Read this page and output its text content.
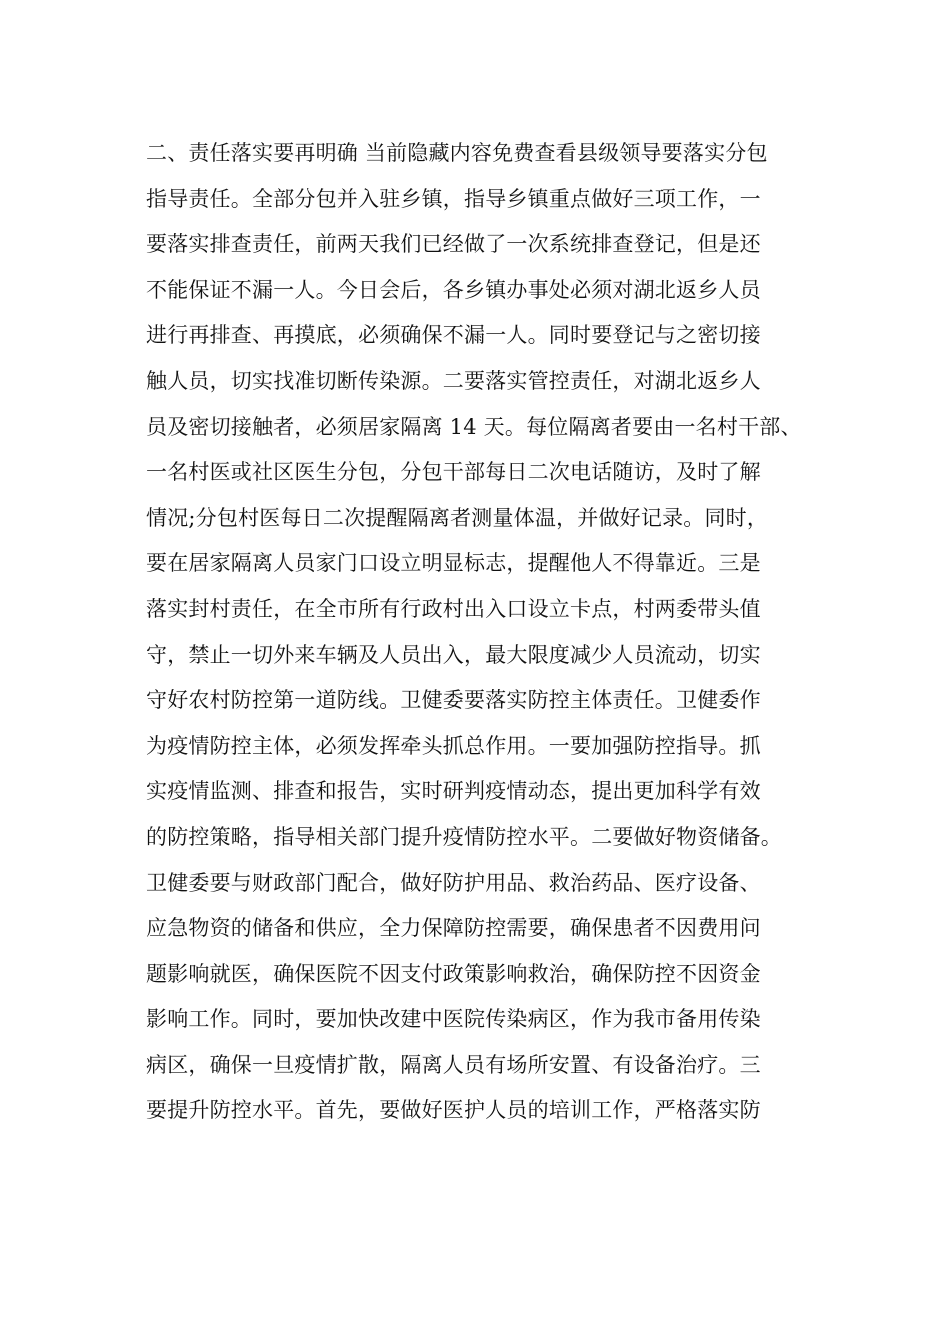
二、责任落实要再明确 当前隐藏内容免费查看县级领导要落实分包
指导责任。全部分包并入驻乡镇，指导乡镇重点做好三项工作，一
要落实排查责任，前两天我们已经做了一次系统排查登记，但是还
不能保证不漏一人。今日会后，各乡镇办事处必须对湖北返乡人员
进行再排查、再摸底，必须确保不漏一人。同时要登记与之密切接
触人员，切实找准切断传染源。二要落实管控责任，对湖北返乡人
员及密切接触者，必须居家隔离 14 天。每位隔离者要由一名村干部、
一名村医或社区医生分包，分包干部每日二次电话随访，及时了解
情况;分包村医每日二次提醒隔离者测量体温，并做好记录。同时，
要在居家隔离人员家门口设立明显标志，提醒他人不得靠近。三是
落实封村责任，在全市所有行政村出入口设立卡点，村两委带头值
守，禁止一切外来车辆及人员出入，最大限度减少人员流动，切实
守好农村防控第一道防线。卫健委要落实防控主体责任。卫健委作
为疫情防控主体，必须发挥牵头抓总作用。一要加强防控指导。抓
实疫情监测、排查和报告，实时研判疫情动态，提出更加科学有效
的防控策略，指导相关部门提升疫情防控水平。二要做好物资储备。
卫健委要与财政部门配合，做好防护用品、救治药品、医疗设备、
应急物资的储备和供应，全力保障防控需要，确保患者不因费用问
题影响就医，确保医院不因支付政策影响救治，确保防控不因资金
影响工作。同时，要加快改建中医院传染病区，作为我市备用传染
病区，确保一旦疫情扩散，隔离人员有场所安置、有设备治疗。三
要提升防控水平。首先，要做好医护人员的培训工作，严格落实防
